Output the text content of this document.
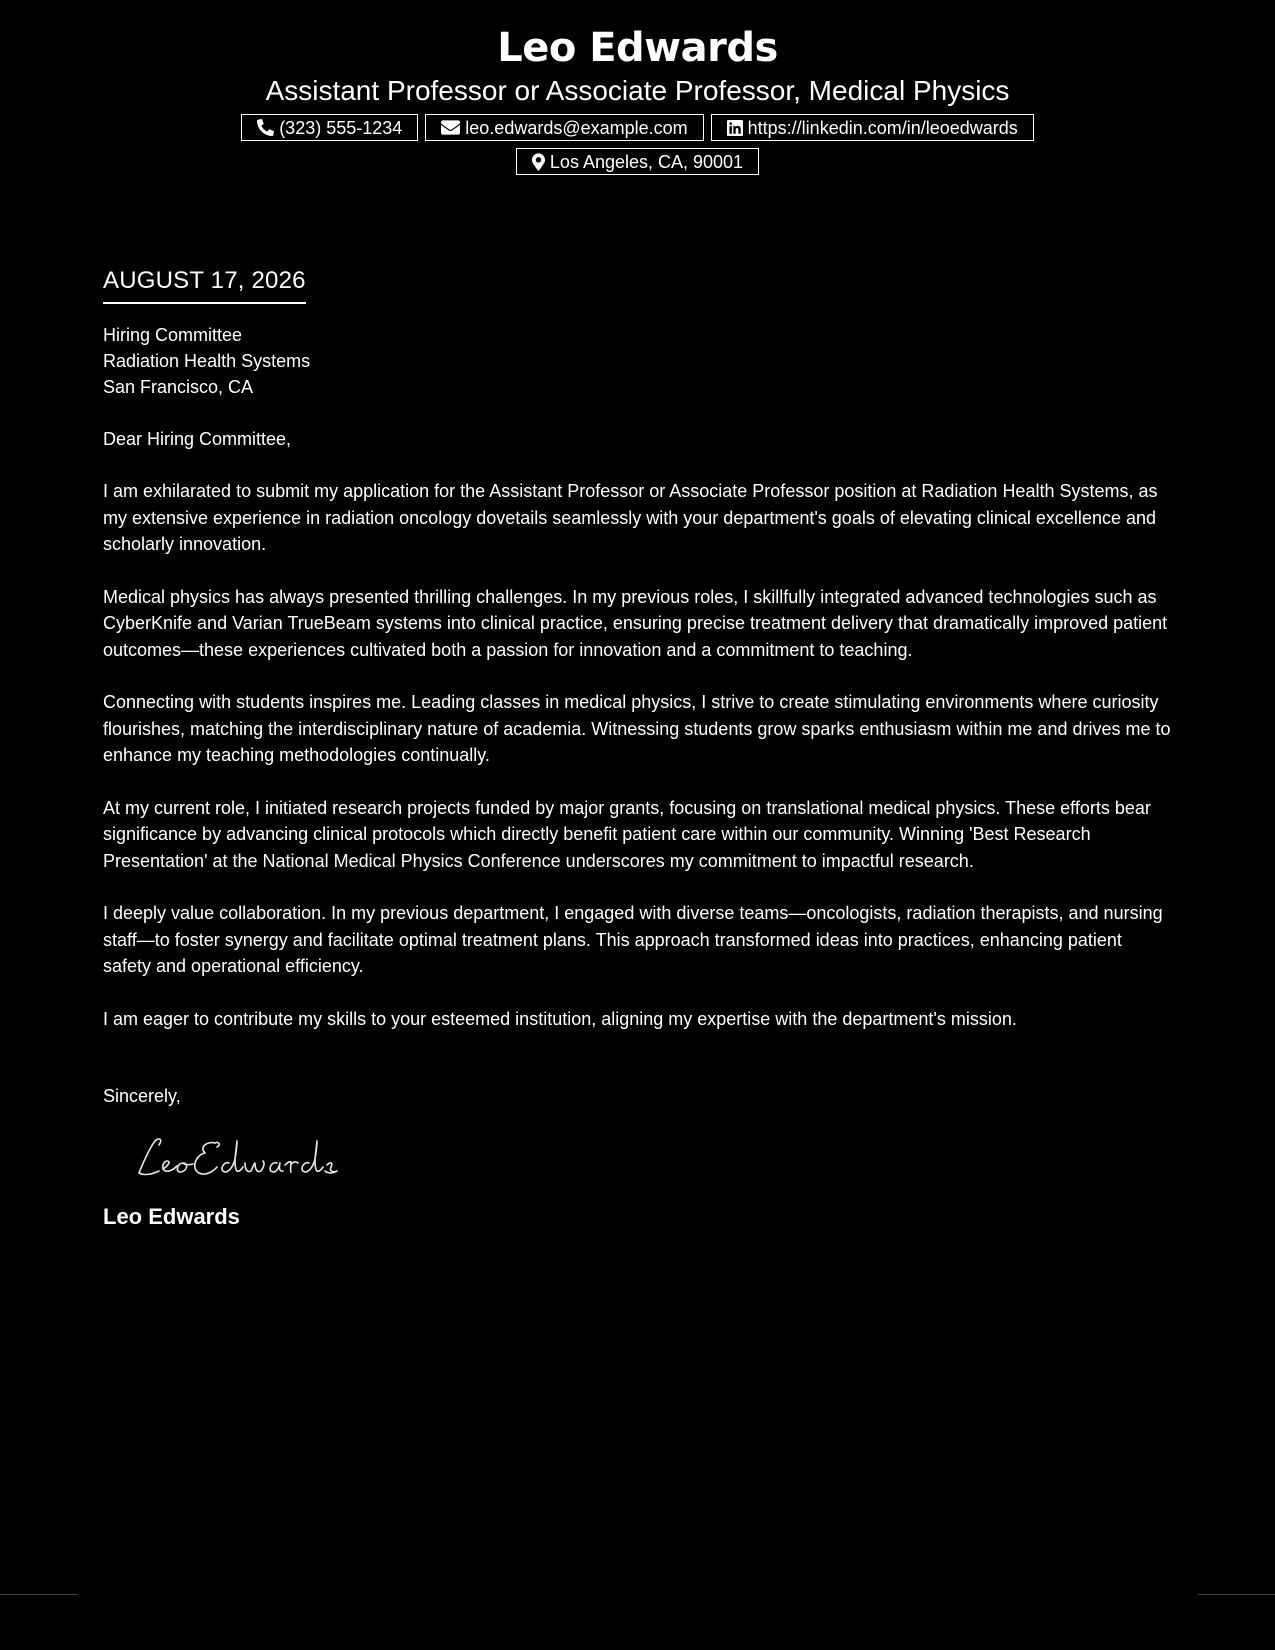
Leo Edwards
Assistant Professor or Associate Professor, Medical Physics
(323) 555-1234	leo.edwards@example.com	https://linkedin.com/in/leoedwards
Los Angeles, CA, 90001
AUGUST 17, 2026
Hiring Committee
Radiation Health Systems
San Francisco, CA
Dear Hiring Committee,
I am exhilarated to submit my application for the Assistant Professor or Associate Professor position at Radiation Health Systems, as my extensive experience in radiation oncology dovetails seamlessly with your department's goals of elevating clinical excellence and scholarly innovation.
Medical physics has always presented thrilling challenges. In my previous roles, I skillfully integrated advanced technologies such as CyberKnife and Varian TrueBeam systems into clinical practice, ensuring precise treatment delivery that dramatically improved patient outcomes—these experiences cultivated both a passion for innovation and a commitment to teaching.
Connecting with students inspires me. Leading classes in medical physics, I strive to create stimulating environments where curiosity flourishes, matching the interdisciplinary nature of academia. Witnessing students grow sparks enthusiasm within me and drives me to enhance my teaching methodologies continually.
At my current role, I initiated research projects funded by major grants, focusing on translational medical physics. These efforts bear significance by advancing clinical protocols which directly benefit patient care within our community. Winning 'Best Research Presentation' at the National Medical Physics Conference underscores my commitment to impactful research.
I deeply value collaboration. In my previous department, I engaged with diverse teams—oncologists, radiation therapists, and nursing staff—to foster synergy and facilitate optimal treatment plans. This approach transformed ideas into practices, enhancing patient safety and operational efficiency.
I am eager to contribute my skills to your esteemed institution, aligning my expertise with the department's mission.
Sincerely,
Leo Edwards
